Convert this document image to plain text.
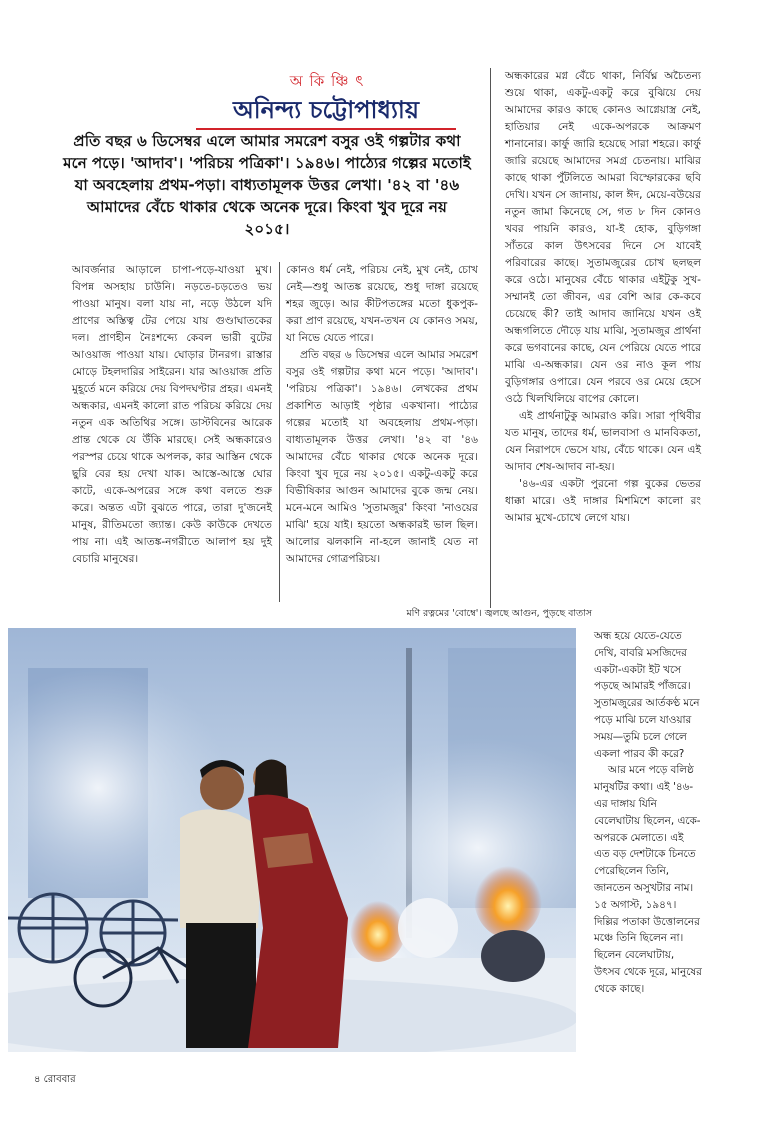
অ কি ঞ্চি ৎ
অনিন্দ্য চট্টোপাধ্যায়
প্রতি বছর ৬ ডিসেম্বর এলে আমার সমরেশ বসুর ওই গল্পটার কথা মনে পড়ে। 'আদাব'। 'পরিচয় পত্রিকা'। ১৯৪৬। পাঠ্যের গল্পের মতোই যা অবহেলায় প্রথম-পড়া। বাধ্যতামূলক উত্তর লেখা। '৪২ বা '৪৬ আমাদের বেঁচে থাকার থেকে অনেক দূরে। কিংবা খুব দূরে নয় ২০১৫।

আবর্জনার আড়ালে চাপা-পড়ে-যাওয়া মুখ। বিপন্ন অসহায় চাউনি। নড়তে-চড়তেও ভয় পাওয়া মানুষ। বলা যায় না, নড়ে উঠলে যদি প্রাণের অস্তিত্ব টের পেয়ে যায় গুণ্ডাঘাতকের দল। প্রাণহীন নৈঃশব্দ্যে কেবল ভারী বুটের আওয়াজ পাওয়া যায়। ঘোড়ার টানরগ। রাস্তার মোড়ে টহলদারির সাইরেন। যার আওয়াজ প্রতি মুহূর্তে মনে করিয়ে দেয় বিপদঘণ্টার প্রহর। এমনই অন্ধকার, এমনই কালো রাত পরিচয় করিয়ে দেয় নতুন এক অতিথির সঙ্গে। ডাস্টবিনের আরেক প্রান্ত থেকে যে উঁকি মারছে। সেই অন্ধকারেও পরস্পর চেয়ে থাকে অপলক, কার আস্তিন থেকে ছুরি বের হয় দেখা যাক। আস্তে-আস্তে ঘোর কাটে, একে-অপরের সঙ্গে কথা বলতে শুরু করে। অন্তত এটা বুঝতে পারে, তারা দু'জনেই মানুষ, রীতিমতো জ্যান্ত। কেউ কাউকে দেখতে পায় না। এই আতঙ্ক-নগরীতে আলাপ হয় দুই বেচারি মানুষের।

কোনও ধর্ম নেই, পরিচয় নেই, মুখ নেই, চোখ নেই—শুধু আতঙ্ক রয়েছে, শুধু দাঙ্গা রয়েছে শহর জুড়ে। আর কীটপতঙ্গের মতো ধুকপুক-করা প্রাণ রয়েছে, যখন-তখন যে কোনও সময়, যা নিভে যেতে পারে।

প্রতি বছর ৬ ডিসেম্বর এলে আমার সমরেশ বসুর ওই গল্পটার কথা মনে পড়ে। 'আদাব'। 'পরিচয় পত্রিকা'। ১৯৪৬। লেখকের প্রথম প্রকাশিত আড়াই পৃষ্ঠার একখানা। পাঠ্যের গল্পের মতোই যা অবহেলায় প্রথম-পড়া। বাধ্যতামূলক উত্তর লেখা। '৪২ বা '৪৬ আমাদের বেঁচে থাকার থেকে অনেক দূরে। কিংবা খুব দূরে নয় ২০১৫। একটু-একটু করে বিভীষিকার আগুন আমাদের বুকে জন্ম নেয়। মনে-মনে আমিও 'সুতামজুর' কিংবা 'নাওয়ের মাঝি' হয়ে যাই। হয়তো অন্ধকারই ভাল ছিল। আলোর ঝলকানি না-হলে জানাই যেত না আমাদের গোত্রপরিচয়।

অন্ধকারের মগ্ন বেঁচে থাকা, নির্বিঘ্ন অচৈতন্য শুয়ে থাকা, একটু-একটু করে বুঝিয়ে দেয় আমাদের কারও কাছে কোনও আগ্নেয়াস্ত্র নেই, হাতিয়ার নেই একে-অপরকে আক্রমণ শানানোর। কার্ফু জারি হয়েছে সারা শহরে। কার্ফু জারি রয়েছে আমাদের সমগ্র চেতনায়। মাঝির কাছে থাকা পুঁটলিতে আমরা বিস্ফোরকের ছবি দেখি। যখন সে জানায়, কাল ঈদ, মেয়ে-বউয়ের নতুন জামা কিনেছে সে, গত ৮ দিন কোনও খবর পায়নি কারও, যা-ই হোক, বুড়িগঙ্গা সাঁতরে কাল উৎসবের দিনে সে যাবেই পরিবারের কাছে। সুতামজুরের চোখ ছলছল করে ওঠে। মানুষের বেঁচে থাকার এইটুকু সুখ-সম্মানই তো জীবন, এর বেশি আর কে-কবে চেয়েছে কী? তাই আদাব জানিয়ে যখন ওই অন্ধগলিতে দৌড়ে যায় মাঝি, সুতামজুর প্রার্থনা করে ভগবানের কাছে, যেন পেরিয়ে যেতে পারে মাঝি এ-অন্ধকার। যেন ওর নাও কূল পায় বুড়িগঙ্গার ওপারে। যেন পরবে ওর মেয়ে হেসে ওঠে খিলখিলিয়ে বাপের কোলে।

এই প্রার্থনাটুকু আমরাও করি। সারা পৃথিবীর যত মানুষ, তাদের ধর্ম, ভালবাসা ও মানবিকতা, যেন নিরাপদে ভেসে যায়, বেঁচে থাকে। যেন এই আদাব শেষ-আদাব না-হয়।

'৪৬-এর একটা পুরনো গল্প বুকের ভেতর ধাক্কা মারে। ওই দাঙ্গার মিশমিশে কালো রং আমার মুখে-চোখে লেগে যায়।

মণি রত্নমের 'বোম্বে'। জ্বলছে আগুন, পুড়ছে বাতাস

অন্ধ হয়ে যেতে-যেতে দেখি, বাবরি মসজিদের একটা-একটা ইট খসে পড়ছে আমারই পাঁজরে।

সুতামজুরের আর্তকণ্ঠ মনে পড়ে মাঝি চলে যাওয়ার সময়—তুমি চলে গেলে একলা পারব কী করে?

আর মনে পড়ে বলিষ্ঠ মানুষটির কথা। এই '৪৬-এর দাঙ্গায় যিনি বেলেঘাটায় ছিলেন, একে-অপরকে মেলাতে। এই এত বড় দেশটাকে চিনতে পেরেছিলেন তিনি, জানতেন অসুখটার নাম। ১৫ অগাস্ট, ১৯৪৭। দিল্লির পতাকা উত্তোলনের মঞ্চে তিনি ছিলেন না। ছিলেন বেলেঘাটায়, উৎসব থেকে দূরে, মানুষের থেকে কাছে।

৪ রোববার
